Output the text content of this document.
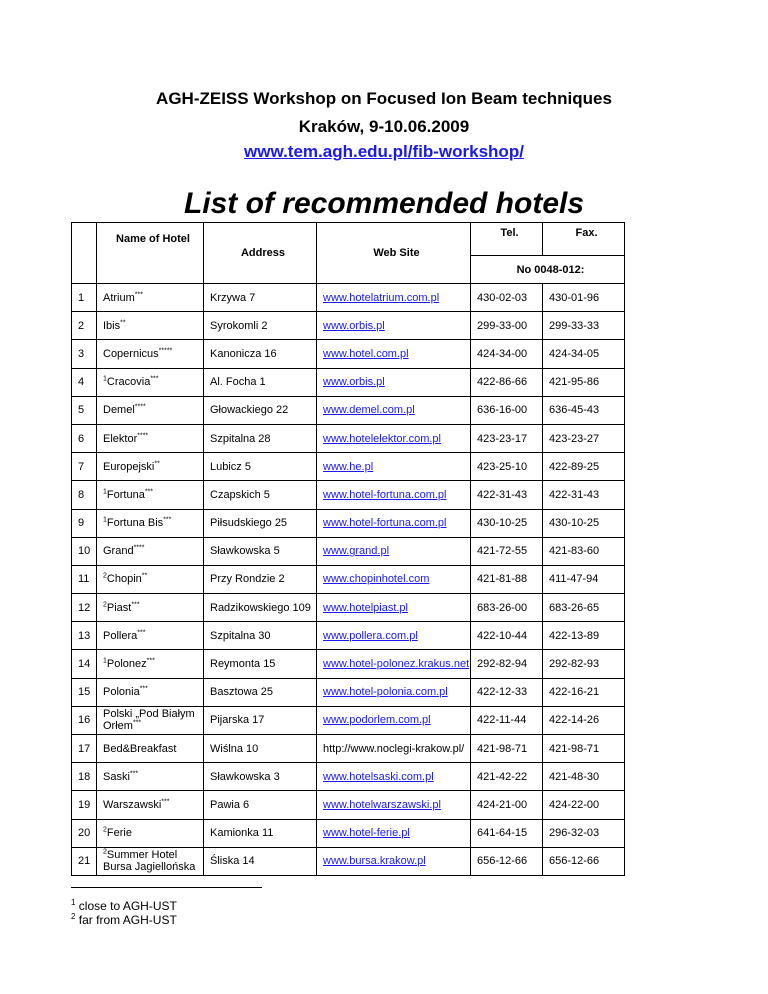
AGH-ZEISS Workshop on Focused Ion Beam techniques
Kraków, 9-10.06.2009
www.tem.agh.edu.pl/fib-workshop/
List of recommended hotels
	Name of Hotel	Address	Web Site	Tel.	Fax.
				No 0048-012:	
1	Atrium***	Krzywa 7	www.hotelatrium.com.pl	430-02-03	430-01-96
2	Ibis**	Syrokomli 2	www.orbis.pl	299-33-00	299-33-33
3	Copernicus*****	Kanonicza 16	www.hotel.com.pl	424-34-00	424-34-05
4	$^1$Cracovia***	Al. Focha 1	www.orbis.pl	422-86-66	421-95-86
5	Demel****	Głowackiego 22	www.demel.com.pl	636-16-00	636-45-43
6	Elektor****	Szpitalna 28	www.hotelelektor.com.pl	423-23-17	423-23-27
7	Europejski**	Lubicz 5	www.he.pl	423-25-10	422-89-25
8	$^1$Fortuna***	Czapskich 5	www.hotel-fortuna.com.pl	422-31-43	422-31-43
9	$^1$Fortuna Bis***	Piłsudskiego 25	www.hotel-fortuna.com.pl	430-10-25	430-10-25
10	Grand****	Sławkowska 5	www.grand.pl	421-72-55	421-83-60
11	$^2$Chopin**	Przy Rondzie 2	www.chopinhotel.com	421-81-88	411-47-94
12	$^2$Piast***	Radzikowskiego 109	www.hotelpiast.pl	683-26-00	683-26-65
13	Pollera***	Szpitalna 30	www.pollera.com.pl	422-10-44	422-13-89
14	$^1$Polonez***	Reymonta 15	www.hotel-polonez.krakus.net	292-82-94	292-82-93
15	Polonia***	Basztowa 25	www.hotel-polonia.com.pl	422-12-33	422-16-21
16	Polski „Pod Białym Orłem***	Pijarska 17	www.podorlem.com.pl	422-11-44	422-14-26
17	Bed&Breakfast	Wiślna 10	http://www.noclegi-krakow.pl/	421-98-71	421-98-71
18	Saski***	Sławkowska 3	www.hotelsaski.com.pl	421-42-22	421-48-30
19	Warszawski***	Pawia 6	www.hotelwarszawski.pl	424-21-00	424-22-00
20	$^2$Ferie	Kamionka 11	www.hotel-ferie.pl	641-64-15	296-32-03
21	$^2$Summer Hotel Bursa Jagiellońska	Śliska 14	www.bursa.krakow.pl	656-12-66	656-12-66
$^1$ close to AGH-UST
$^2$ far from AGH-UST
